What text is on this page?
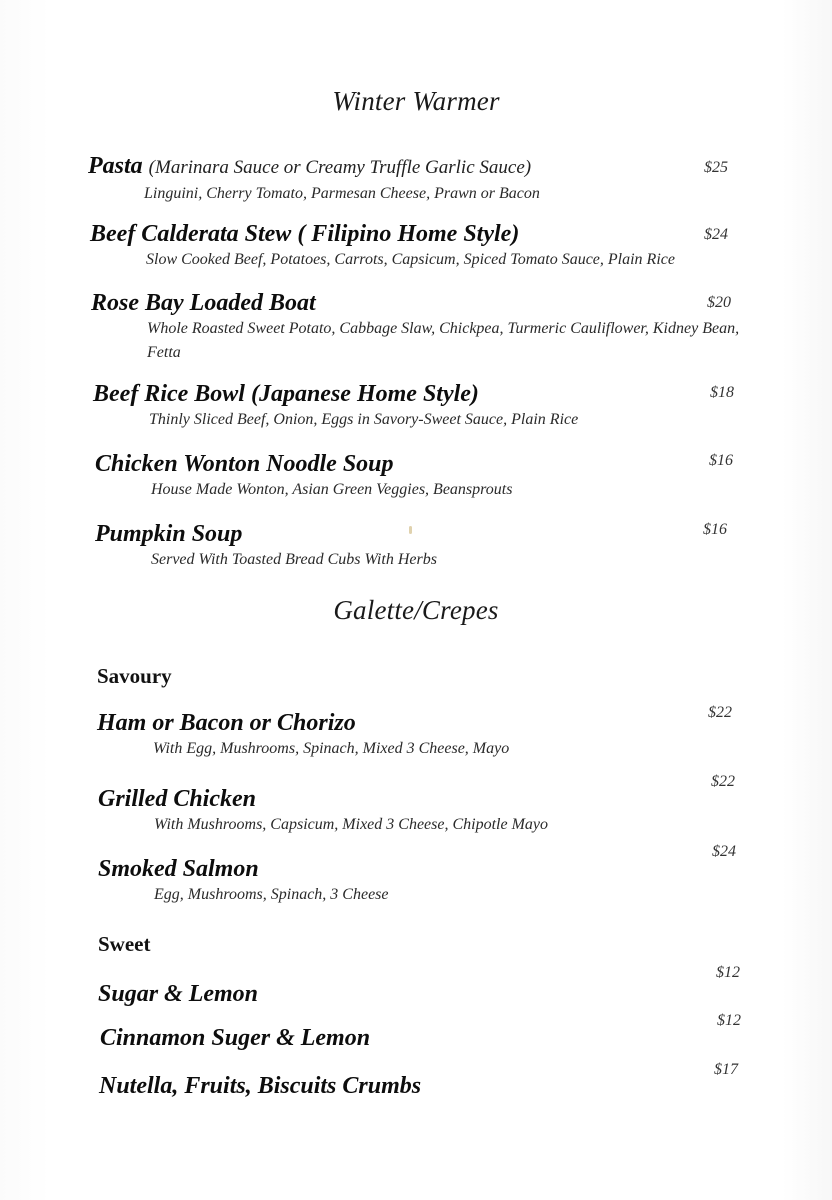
Winter Warmer
Pasta (Marinara Sauce or Creamy Truffle Garlic Sauce)
Linguini, Cherry Tomato, Parmesan Cheese, Prawn or Bacon
$25
Beef Calderata Stew ( Filipino Home Style)
Slow Cooked Beef, Potatoes, Carrots, Capsicum, Spiced Tomato Sauce, Plain Rice
$24
Rose Bay Loaded Boat
Whole Roasted Sweet Potato, Cabbage Slaw, Chickpea, Turmeric Cauliflower, Kidney Bean, Fetta
$20
Beef Rice Bowl (Japanese Home Style)
Thinly Sliced Beef, Onion, Eggs in Savory-Sweet Sauce, Plain Rice
$18
Chicken Wonton Noodle Soup
House Made Wonton, Asian Green Veggies, Beansprouts
$16
Pumpkin Soup
Served With Toasted Bread Cubs With Herbs
$16
Galette/Crepes
Savoury
Ham or Bacon or Chorizo
With Egg, Mushrooms, Spinach, Mixed 3 Cheese, Mayo
$22
Grilled Chicken
With Mushrooms, Capsicum, Mixed 3 Cheese, Chipotle Mayo
$22
Smoked Salmon
Egg, Mushrooms, Spinach, 3 Cheese
$24
Sweet
Sugar & Lemon
$12
Cinnamon Suger & Lemon
$12
Nutella, Fruits, Biscuits Crumbs
$17
